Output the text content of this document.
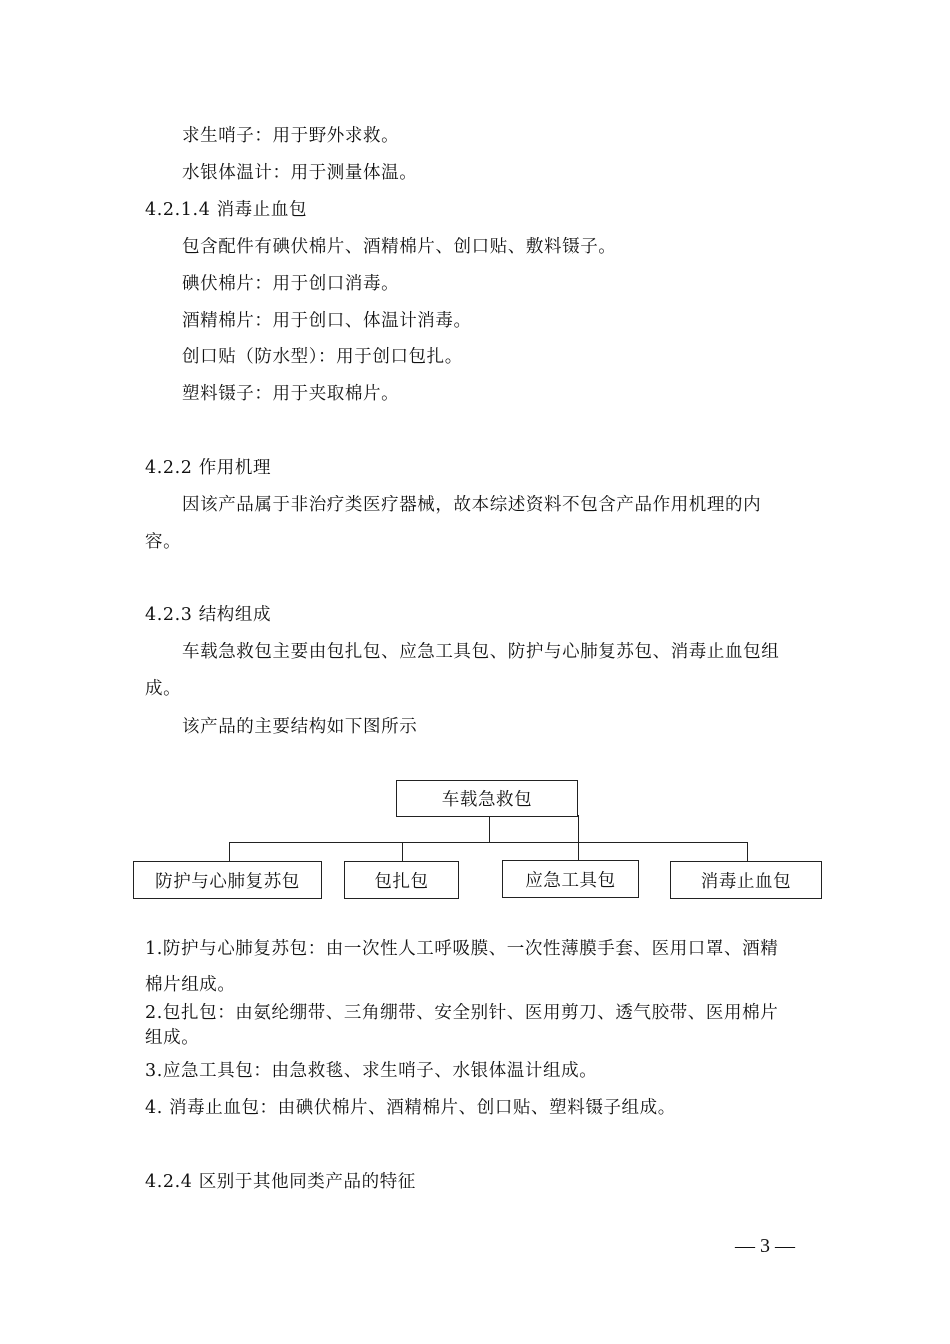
求生哨子：用于野外求救。
水银体温计：用于测量体温。
4.2.1.4 消毒止血包
包含配件有碘伏棉片、酒精棉片、创口贴、敷料镊子。
碘伏棉片：用于创口消毒。
酒精棉片：用于创口、体温计消毒。
创口贴（防水型）：用于创口包扎。
塑料镊子：用于夹取棉片。
4.2.2 作用机理
因该产品属于非治疗类医疗器械，故本综述资料不包含产品作用机理的内
容。
4.2.3 结构组成
车载急救包主要由包扎包、应急工具包、防护与心肺复苏包、消毒止血包组
成。
该产品的主要结构如下图所示
车载急救包
防护与心肺复苏包	包扎包	应急工具包	消毒止血包
1.防护与心肺复苏包：由一次性人工呼吸膜、一次性薄膜手套、医用口罩、酒精
棉片组成。
2.包扎包：由氨纶绷带、三角绷带、安全别针、医用剪刀、透气胶带、医用棉片
组成。
3.应急工具包：由急救毯、求生哨子、水银体温计组成。
4. 消毒止血包：由碘伏棉片、酒精棉片、创口贴、塑料镊子组成。
4.2.4 区别于其他同类产品的特征
— 3 —
